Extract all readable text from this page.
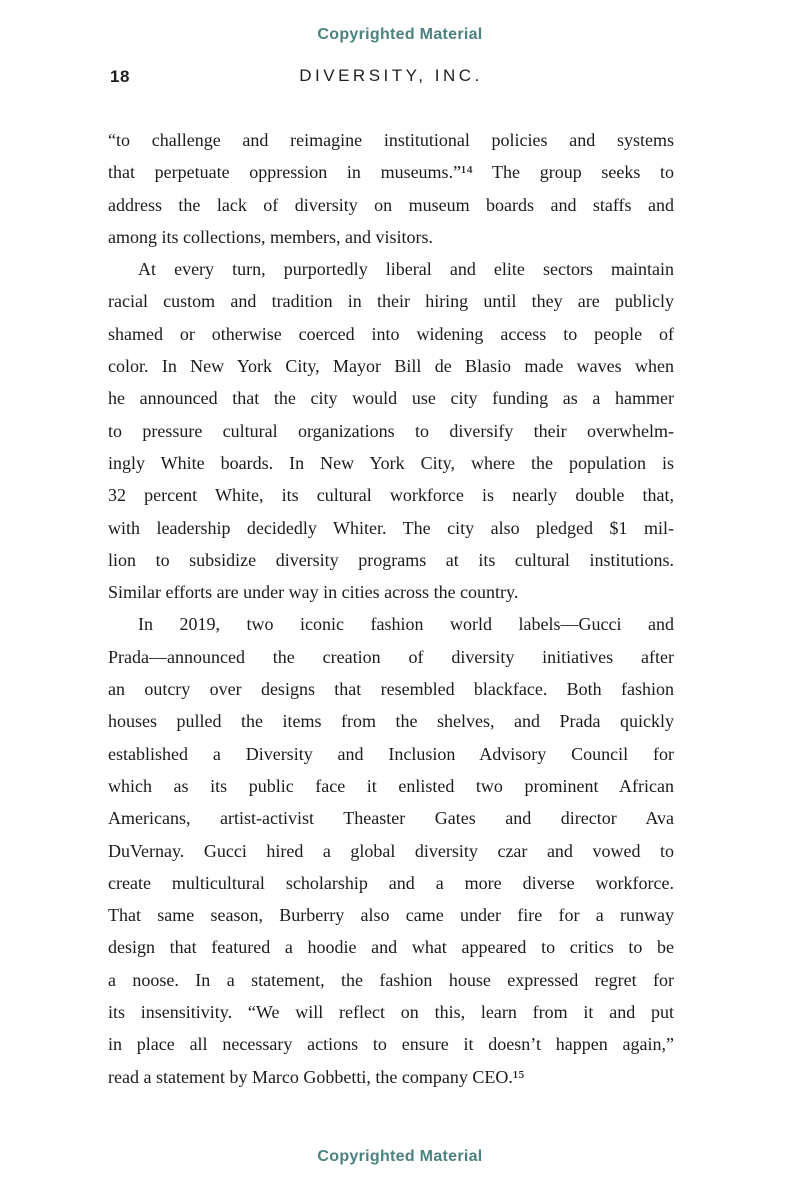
Copyrighted Material
18	DIVERSITY, INC.
“to challenge and reimagine institutional policies and systems
that perpetuate oppression in museums.”¹⁴ The group seeks to
address the lack of diversity on museum boards and staffs and
among its collections, members, and visitors.
At every turn, purportedly liberal and elite sectors maintain
racial custom and tradition in their hiring until they are publicly
shamed or otherwise coerced into widening access to people of
color. In New York City, Mayor Bill de Blasio made waves when
he announced that the city would use city funding as a hammer
to pressure cultural organizations to diversify their overwhelm-
ingly White boards. In New York City, where the population is
32 percent White, its cultural workforce is nearly double that,
with leadership decidedly Whiter. The city also pledged $1 mil-
lion to subsidize diversity programs at its cultural institutions.
Similar efforts are under way in cities across the country.
In 2019, two iconic fashion world labels—Gucci and
Prada—announced the creation of diversity initiatives after
an outcry over designs that resembled blackface. Both fashion
houses pulled the items from the shelves, and Prada quickly
established a Diversity and Inclusion Advisory Council for
which as its public face it enlisted two prominent African
Americans, artist-activist Theaster Gates and director Ava
DuVernay. Gucci hired a global diversity czar and vowed to
create multicultural scholarship and a more diverse workforce.
That same season, Burberry also came under fire for a runway
design that featured a hoodie and what appeared to critics to be
a noose. In a statement, the fashion house expressed regret for
its insensitivity. “We will reflect on this, learn from it and put
in place all necessary actions to ensure it doesn’t happen again,”
read a statement by Marco Gobbetti, the company CEO.¹⁵
Copyrighted Material
